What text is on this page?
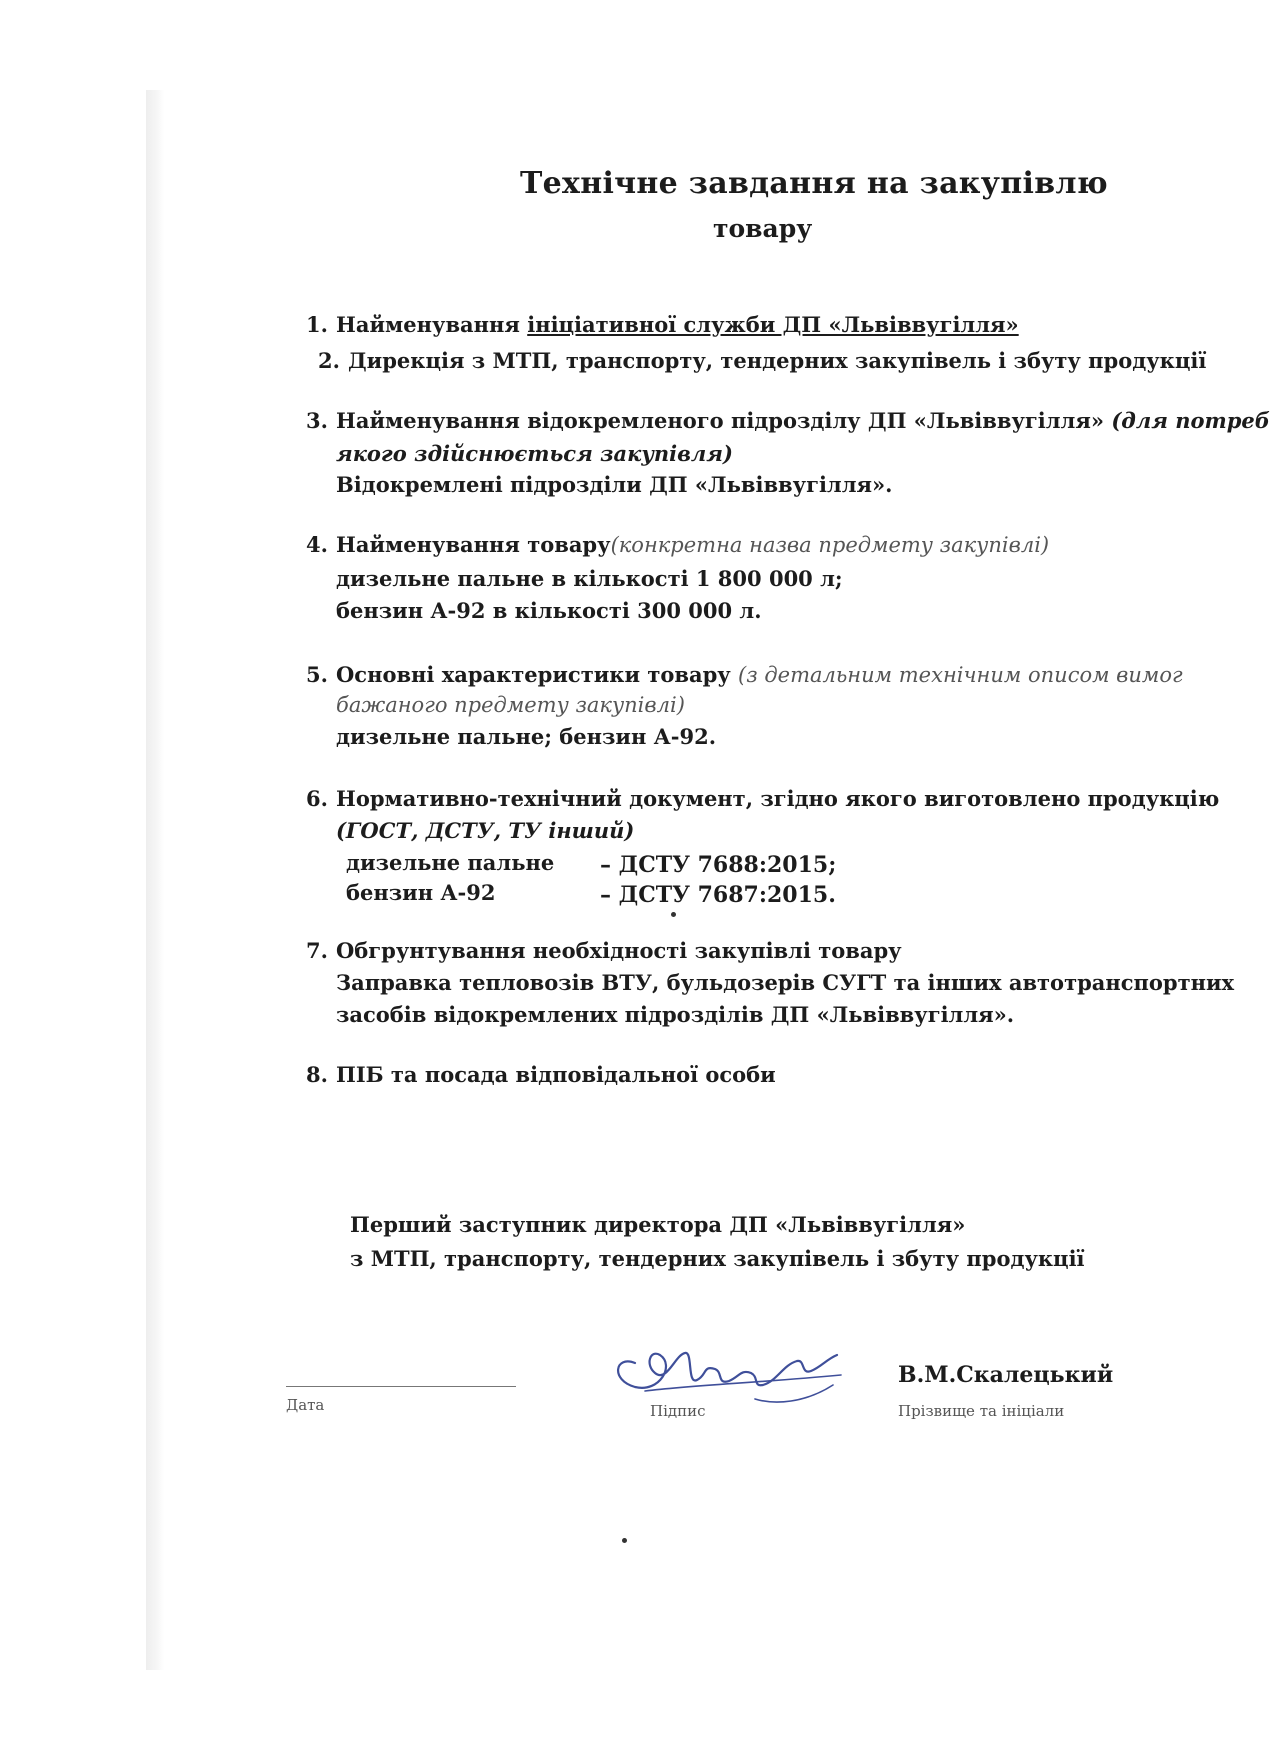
Технічне завдання на закупівлю
товару
1. Найменування ініціативної служби ДП «Львіввугілля»
2. Дирекція з МТП, транспорту, тендерних закупівель і збуту продукції
3. Найменування відокремленого підрозділу ДП «Львіввугілля» (для потреб
якого здійснюється закупівля)
Відокремлені підрозділи ДП «Львіввугілля».
4. Найменування товару(конкретна назва предмету закупівлі)
дизельне пальне в кількості 1 800 000 л;
бензин А-92 в кількості 300 000 л.
5. Основні характеристики товару (з детальним технічним описом вимог
бажаного предмету закупівлі)
дизельне пальне; бензин А-92.
6. Нормативно-технічний документ, згідно якого виготовлено продукцію
(ГОСТ, ДСТУ, ТУ інший)
дизельне пальне – ДСТУ 7688:2015;
бензин А-92	– ДСТУ 7687:2015.
7. Обгрунтування необхідності закупівлі товару
Заправка тепловозів ВТУ, бульдозерів СУГТ та інших автотранспортних
засобів відокремлених підрозділів ДП «Львіввугілля».
8. ПІБ та посада відповідальної особи
Перший заступник директора ДП «Львіввугілля»
з МТП, транспорту, тендерних закупівель і збуту продукції
Дата	Підпис
В.М.Скалецький
Прізвище та ініціали
